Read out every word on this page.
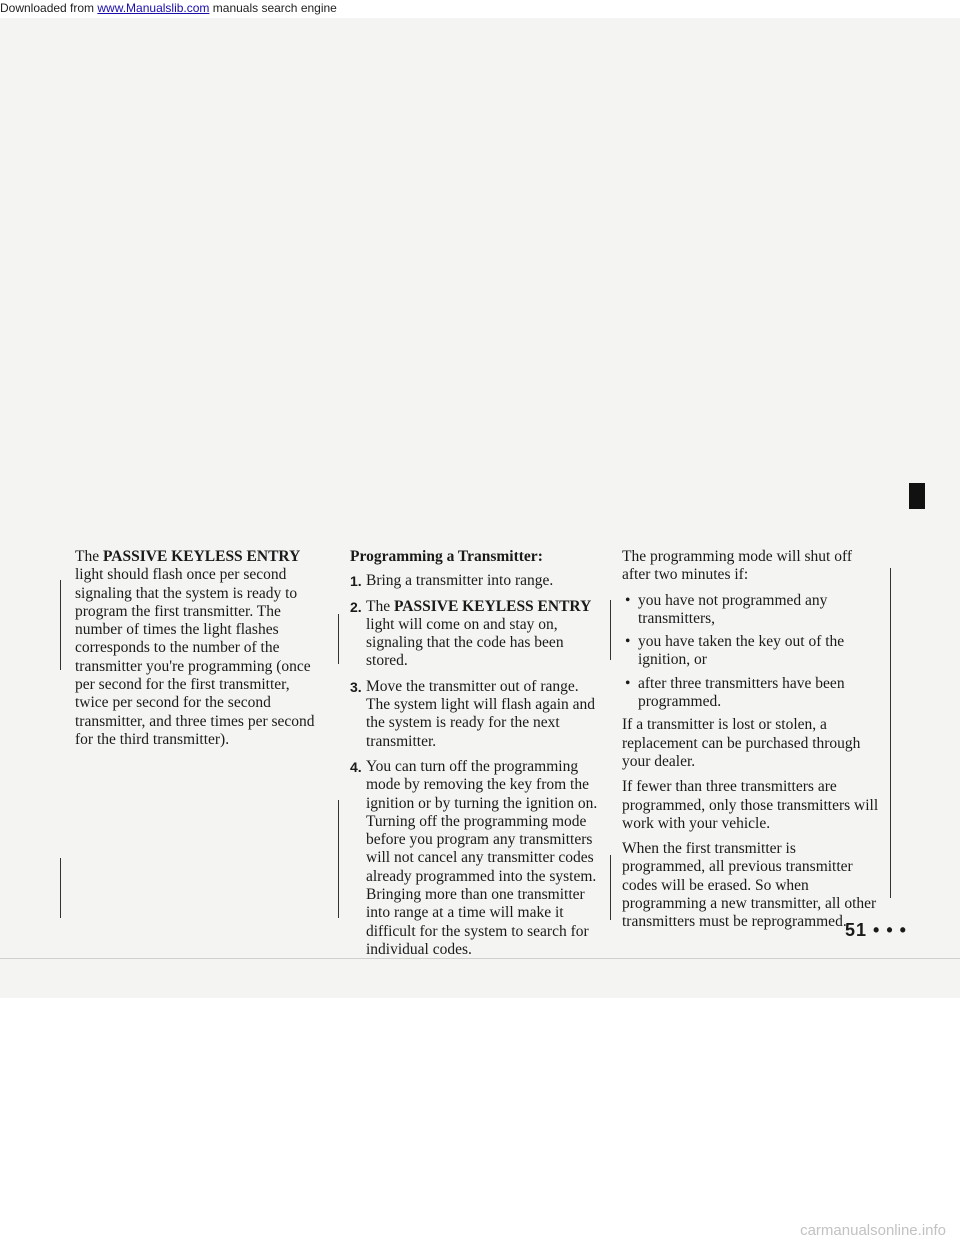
Downloaded from www.Manualslib.com manuals search engine

The PASSIVE KEYLESS ENTRY light should flash once per second signaling that the system is ready to program the first transmitter. The number of times the light flashes corresponds to the number of the transmitter you're programming (once per second for the first transmitter, twice per second for the second transmitter, and three times per second for the third transmitter).

Programming a Transmitter:

1. Bring a transmitter into range.
2. The PASSIVE KEYLESS ENTRY light will come on and stay on, signaling that the code has been stored.
3. Move the transmitter out of range. The system light will flash again and the system is ready for the next transmitter.
4. You can turn off the programming mode by removing the key from the ignition or by turning the ignition on. Turning off the programming mode before you program any transmitters will not cancel any transmitter codes already programmed into the system. Bringing more than one transmitter into range at a time will make it difficult for the system to search for individual codes.

The programming mode will shut off after two minutes if:

• you have not programmed any transmitters,
• you have taken the key out of the ignition, or
• after three transmitters have been programmed.

If a transmitter is lost or stolen, a replacement can be purchased through your dealer.

If fewer than three transmitters are programmed, only those transmitters will work with your vehicle.

When the first transmitter is programmed, all previous transmitter codes will be erased. So when programming a new transmitter, all other transmitters must be reprogrammed.

51 • • •
carmanualsonline.info
